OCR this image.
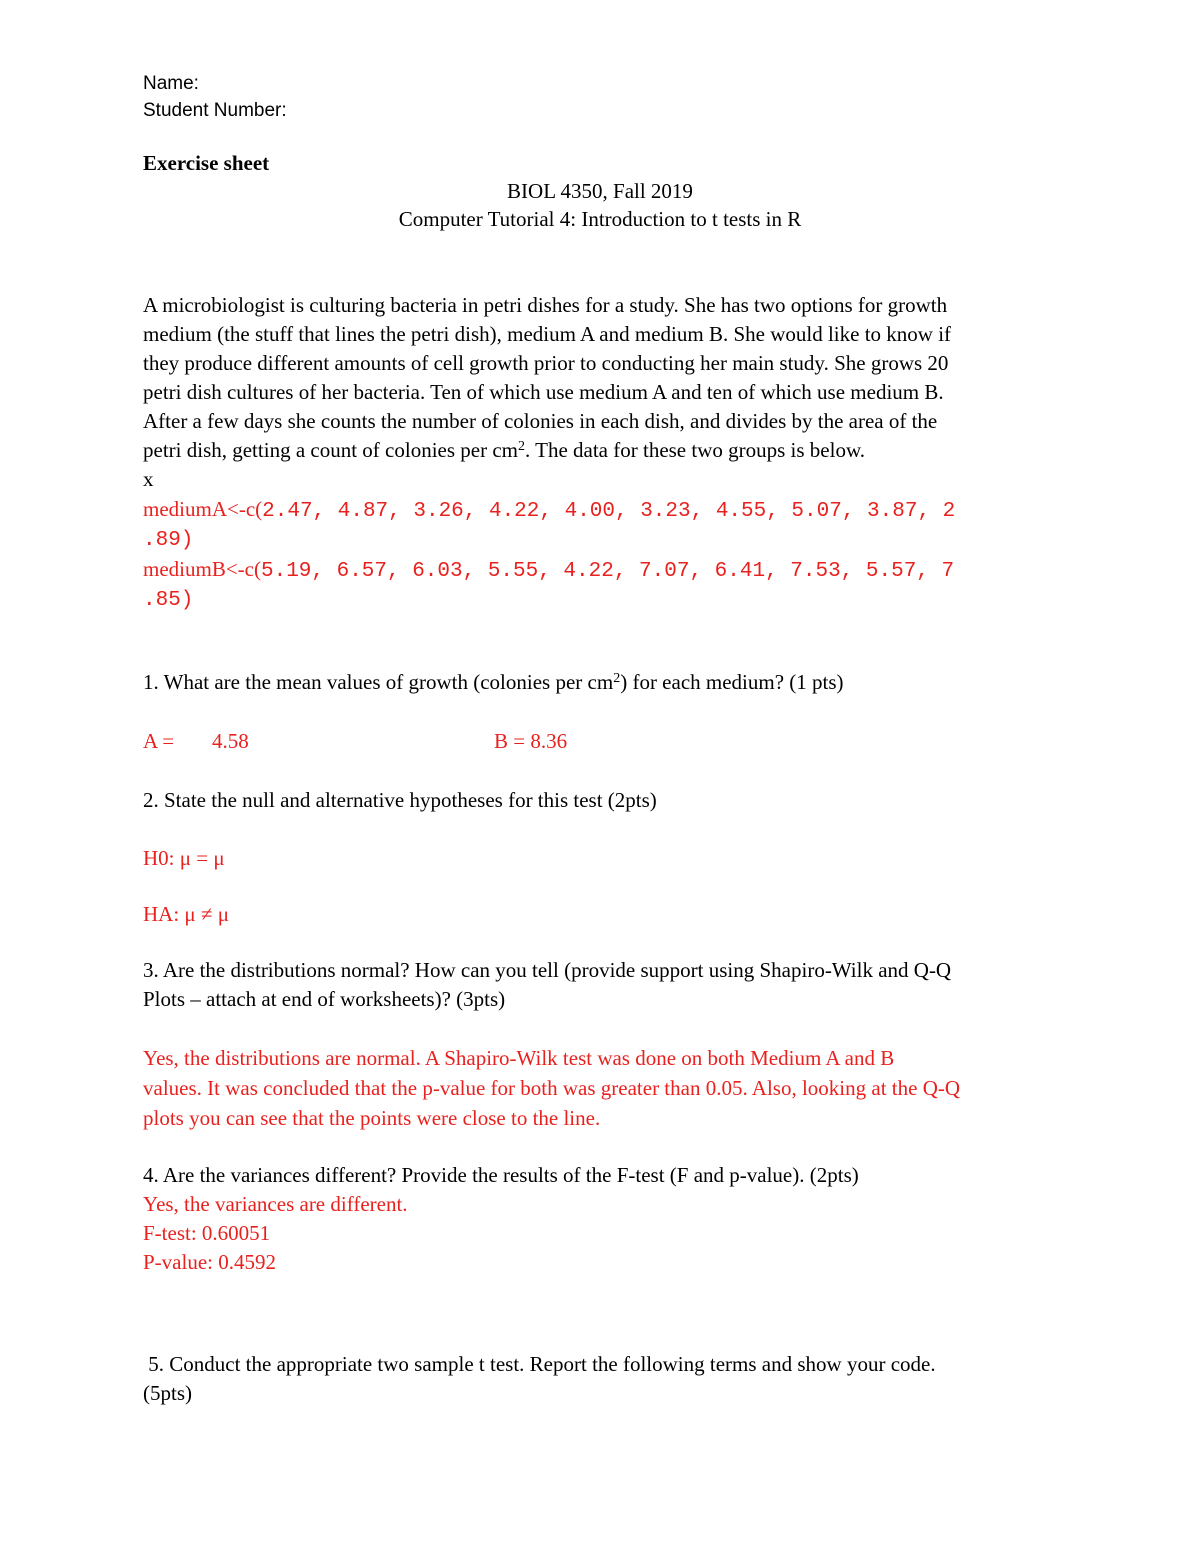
Name:
Student Number:
Exercise sheet
BIOL 4350, Fall 2019
Computer Tutorial 4: Introduction to t tests in R
A microbiologist is culturing bacteria in petri dishes for a study. She has two options for growth
medium (the stuff that lines the petri dish), medium A and medium B. She would like to know if
they produce different amounts of cell growth prior to conducting her main study. She grows 20
petri dish cultures of her bacteria. Ten of which use medium A and ten of which use medium B.
After a few days she counts the number of colonies in each dish, and divides by the area of the
petri dish, getting a count of colonies per $cm^2$. The data for these two groups is below.
x
mediumA<-c(2.47, 4.87, 3.26, 4.22, 4.00, 3.23, 4.55, 5.07, 3.87, 2
.89)
mediumB<-c(5.19, 6.57, 6.03, 5.55, 4.22, 7.07, 6.41, 7.53, 5.57, 7
.85)
1. What are the mean values of growth (colonies per $cm^2$) for each medium? (1 pts)
A = 4.58	B = 8.36
2. State the null and alternative hypotheses for this test (2pts)
H0: μ = μ
HA: μ ≠ μ
3. Are the distributions normal? How can you tell (provide support using Shapiro-Wilk and Q-Q
Plots – attach at end of worksheets)? (3pts)
Yes, the distributions are normal. A Shapiro-Wilk test was done on both Medium A and B
values. It was concluded that the p-value for both was greater than 0.05. Also, looking at the Q-Q
plots you can see that the points were close to the line.
4. Are the variances different? Provide the results of the F-test (F and p-value). (2pts)
Yes, the variances are different.
F-test: 0.60051
P-value: 0.4592
5. Conduct the appropriate two sample t test. Report the following terms and show your code.
(5pts)
